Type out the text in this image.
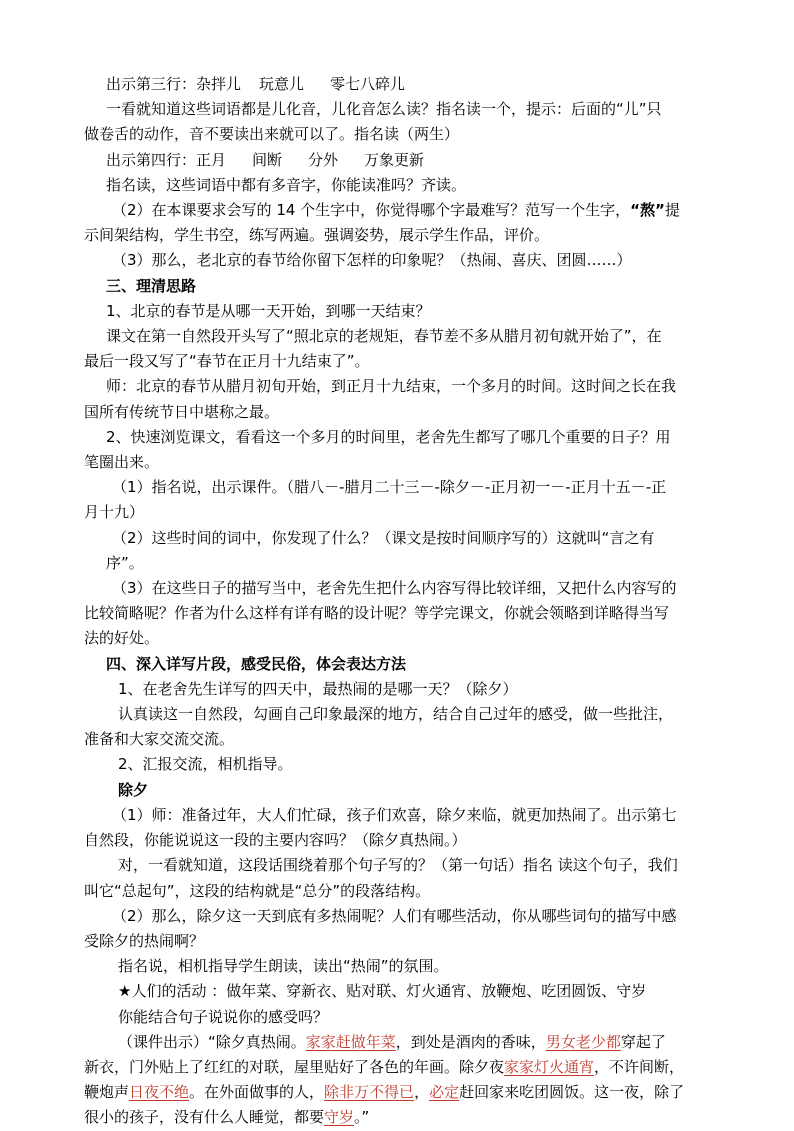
出示第三行：杂拌儿 玩意儿 零七八碎儿
一看就知道这些词语都是儿化音，儿化音怎么读？指名读一个，提示：后面的“儿”只
做卷舌的动作，音不要读出来就可以了。指名读（两生）
出示第四行：正月 间断 分外 万象更新
指名读，这些词语中都有多音字，你能读准吗？齐读。
（2）在本课要求会写的 14 个生字中，你觉得哪个字最难写？范写一个生字，“熬”提
示间架结构，学生书空，练写两遍。强调姿势，展示学生作品，评价。
（3）那么，老北京的春节给你留下怎样的印象呢？（热闹、喜庆、团圆……）
三、理清思路
1、北京的春节是从哪一天开始，到哪一天结束？
课文在第一自然段开头写了“照北京的老规矩，春节差不多从腊月初旬就开始了”，在
最后一段又写了“春节在正月十九结束了”。
师：北京的春节从腊月初旬开始，到正月十九结束，一个多月的时间。这时间之长在我
国所有传统节日中堪称之最。
2、快速浏览课文，看看这一个多月的时间里，老舍先生都写了哪几个重要的日子？用
笔圈出来。
（1）指名说，出示课件。（腊八－-腊月二十三－-除夕－-正月初一－-正月十五－-正
月十九）
（2）这些时间的词中，你发现了什么？（课文是按时间顺序写的）这就叫“言之有
序”。
（3）在这些日子的描写当中，老舍先生把什么内容写得比较详细，又把什么内容写的
比较简略呢？作者为什么这样有详有略的设计呢？等学完课文，你就会领略到详略得当写
法的好处。
四、深入详写片段，感受民俗，体会表达方法
1、在老舍先生详写的四天中，最热闹的是哪一天？（除夕）
认真读这一自然段，勾画自己印象最深的地方，结合自己过年的感受，做一些批注，
准备和大家交流交流。
2、汇报交流，相机指导。
除夕
（1）师：准备过年，大人们忙碌，孩子们欢喜，除夕来临，就更加热闹了。出示第七
自然段，你能说说这一段的主要内容吗？（除夕真热闹。）
对，一看就知道，这段话围绕着那个句子写的？（第一句话）指名 读这个句子，我们
叫它“总起句”，这段的结构就是“总分”的段落结构。
（2）那么，除夕这一天到底有多热闹呢？人们有哪些活动，你从哪些词句的描写中感
受除夕的热闹啊？
指名说，相机指导学生朗读，读出“热闹”的氛围。
★人们的活动 ：做年菜、穿新衣、贴对联、灯火通宵、放鞭炮、吃团圆饭、守岁
你能结合句子说说你的感受吗？
（课件出示）“除夕真热闹。家家赶做年菜，到处是酒肉的香味，男女老少都穿起了
新衣，门外贴上了红红的对联，屋里贴好了各色的年画。除夕夜家家灯火通宵，不许间断，
鞭炮声日夜不绝。在外面做事的人，除非万不得已，必定赶回家来吃团圆饭。这一夜，除了
很小的孩子，没有什么人睡觉，都要守岁。”
